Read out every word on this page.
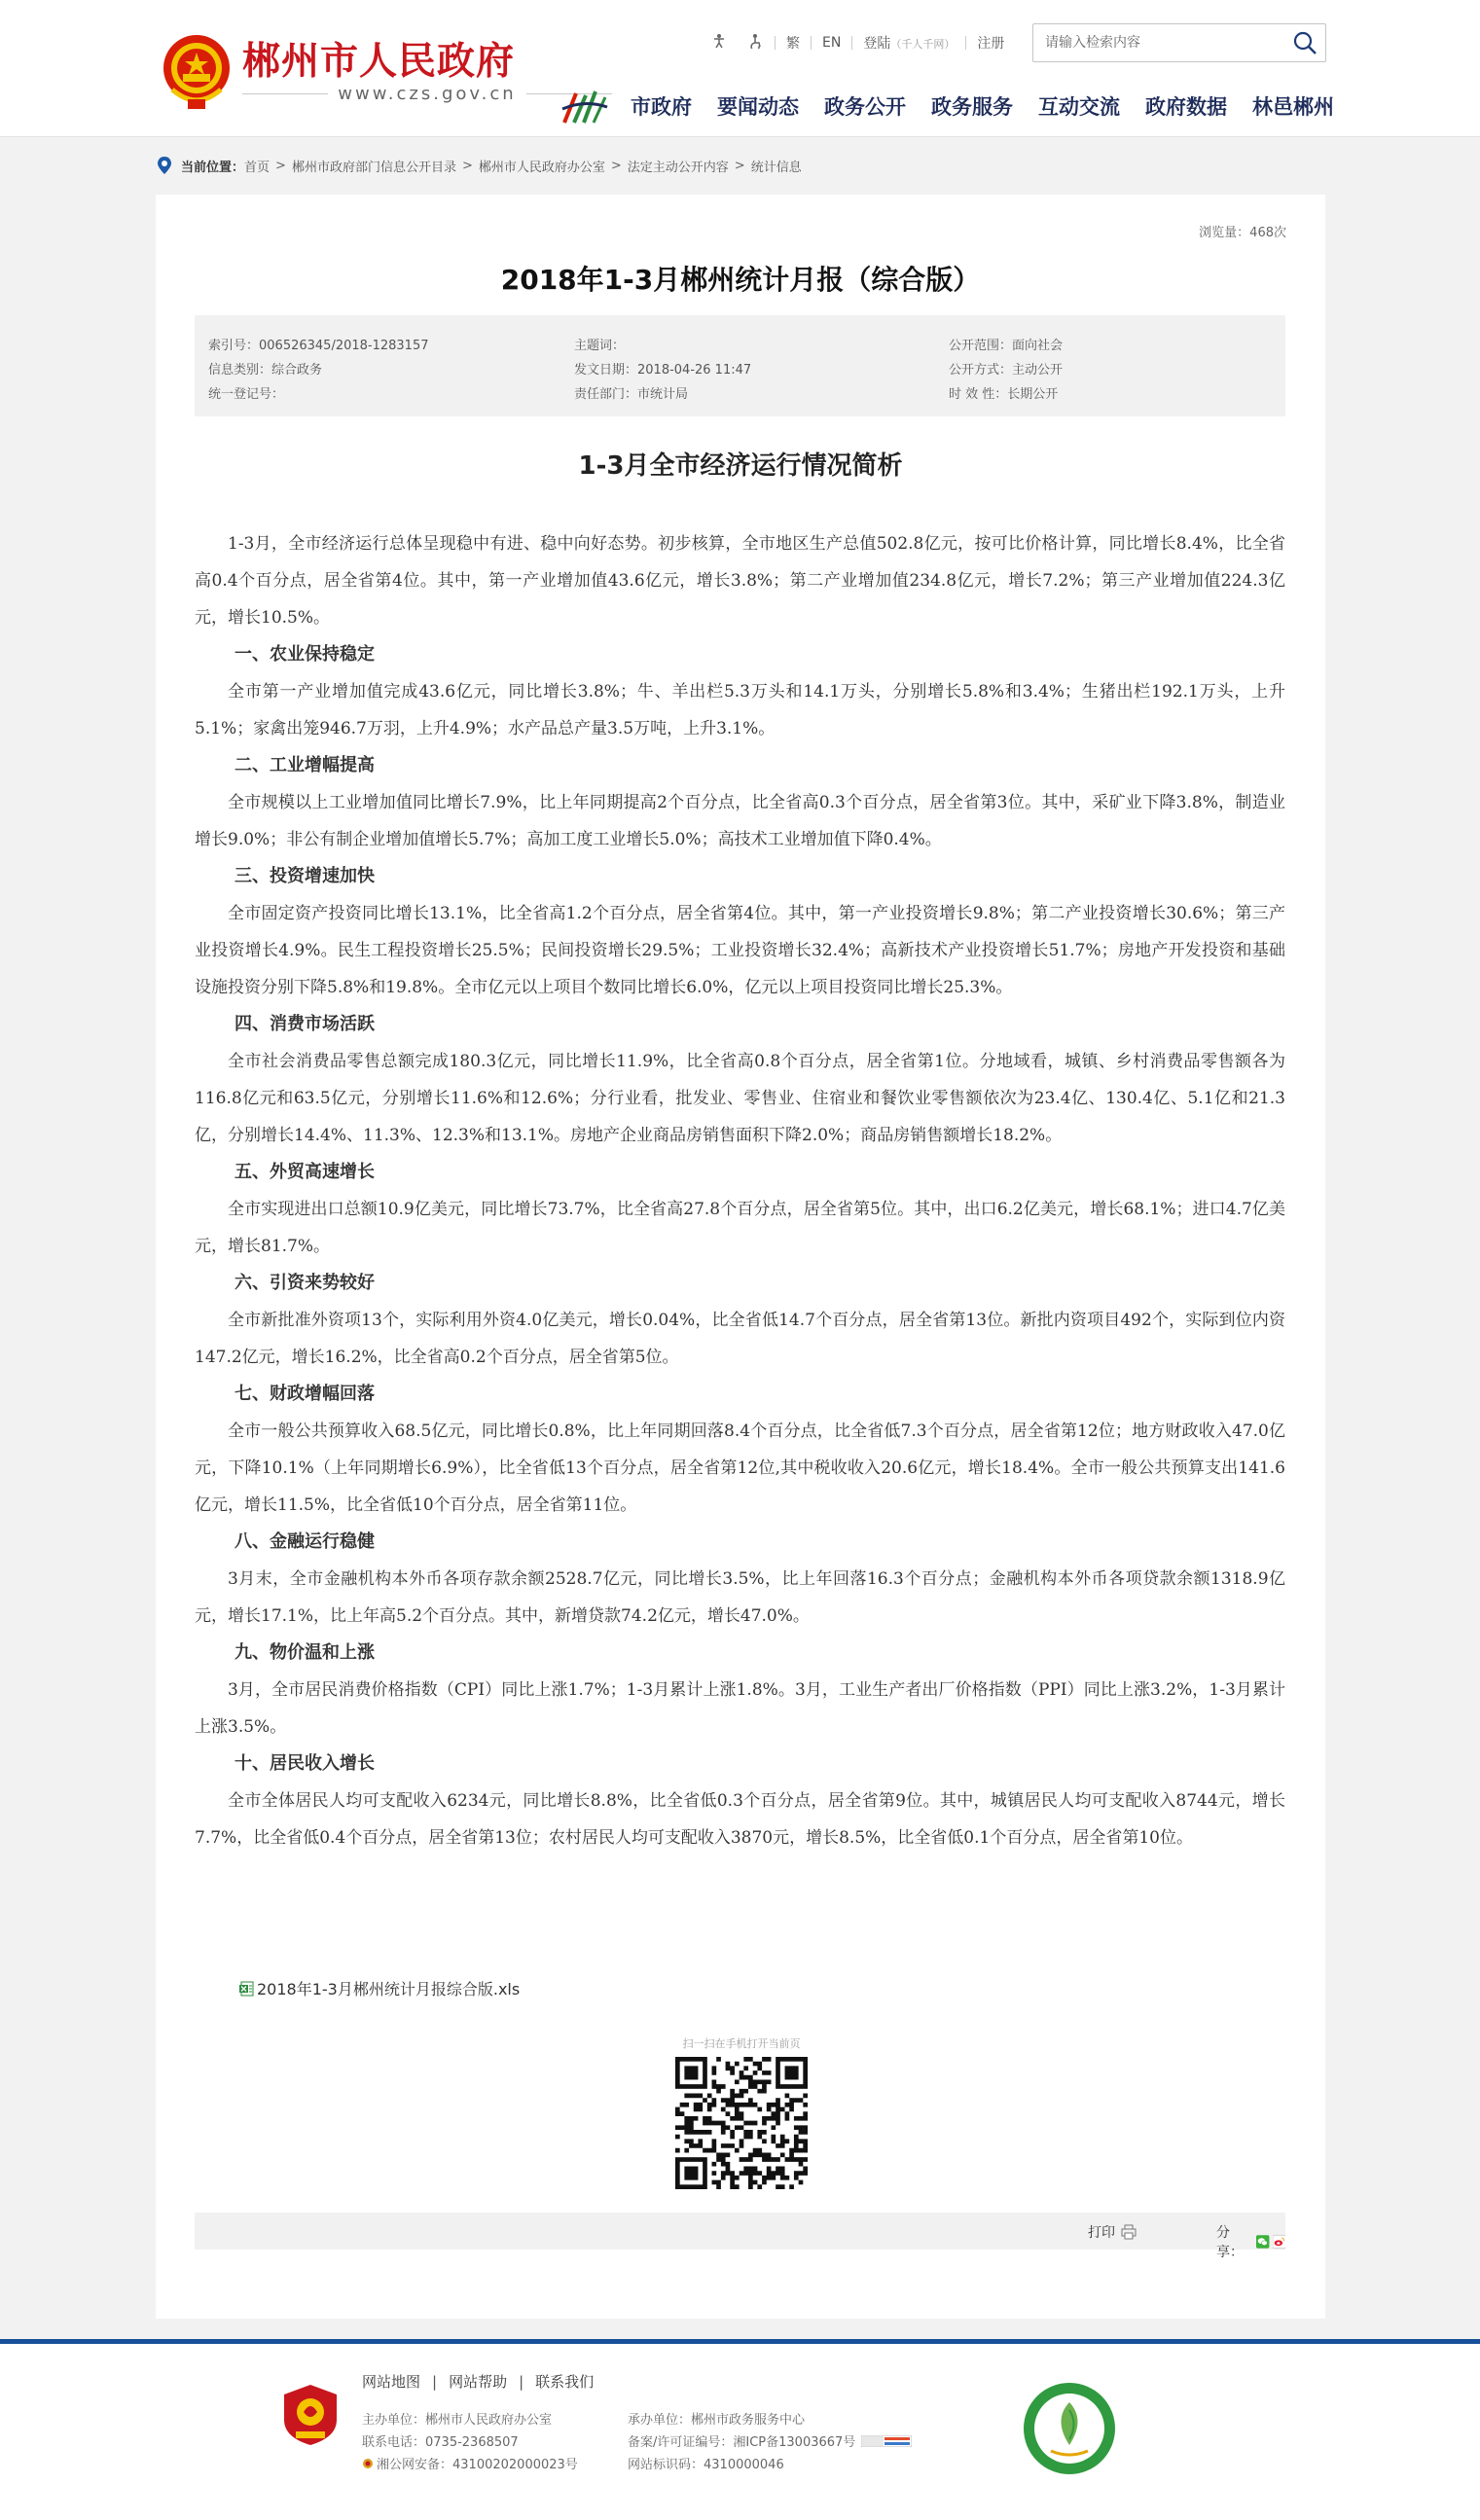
郴州市人民政府
www.czs.gov.cn
繁	EN	登陆（千人千网）	注册
请输入检索内容
市政府	要闻动态	政务公开	政务服务	互动交流	政府数据	林邑郴州
当前位置： 首页 > 郴州市政府部门信息公开目录 > 郴州市人民政府办公室 > 法定主动公开内容 > 统计信息
浏览量：468次
2018年1-3月郴州统计月报（综合版）
索引号：006526345/2018-1283157	主题词：	公开范围：面向社会
信息类别：综合政务	发文日期：2018-04-26 11:47	公开方式：主动公开
统一登记号：	责任部门：市统计局	时 效 性：长期公开
1-3月全市经济运行情况简析

1-3月，全市经济运行总体呈现稳中有进、稳中向好态势。初步核算，全市地区生产总值502.8亿元，按可比价格计算，同比增长8.4%，比全省高0.4个百分点，居全省第4位。其中，第一产业增加值43.6亿元，增长3.8%；第二产业增加值234.8亿元，增长7.2%；第三产业增加值224.3亿元，增长10.5%。

一、农业保持稳定

全市第一产业增加值完成43.6亿元，同比增长3.8%；牛、羊出栏5.3万头和14.1万头，分别增长5.8%和3.4%；生猪出栏192.1万头，上升5.1%；家禽出笼946.7万羽，上升4.9%；水产品总产量3.5万吨，上升3.1%。

二、工业增幅提高

全市规模以上工业增加值同比增长7.9%，比上年同期提高2个百分点，比全省高0.3个百分点，居全省第3位。其中，采矿业下降3.8%，制造业增长9.0%；非公有制企业增加值增长5.7%；高加工度工业增长5.0%；高技术工业增加值下降0.4%。

三、投资增速加快

全市固定资产投资同比增长13.1%，比全省高1.2个百分点，居全省第4位。其中，第一产业投资增长9.8%；第二产业投资增长30.6%；第三产业投资增长4.9%。民生工程投资增长25.5%；民间投资增长29.5%；工业投资增长32.4%；高新技术产业投资增长51.7%；房地产开发投资和基础设施投资分别下降5.8%和19.8%。全市亿元以上项目个数同比增长6.0%，亿元以上项目投资同比增长25.3%。

四、消费市场活跃

全市社会消费品零售总额完成180.3亿元，同比增长11.9%，比全省高0.8个百分点，居全省第1位。分地域看，城镇、乡村消费品零售额各为116.8亿元和63.5亿元，分别增长11.6%和12.6%；分行业看，批发业、零售业、住宿业和餐饮业零售额依次为23.4亿、130.4亿、5.1亿和21.3亿，分别增长14.4%、11.3%、12.3%和13.1%。房地产企业商品房销售面积下降2.0%；商品房销售额增长18.2%。

五、外贸高速增长

全市实现进出口总额10.9亿美元，同比增长73.7%，比全省高27.8个百分点，居全省第5位。其中，出口6.2亿美元，增长68.1%；进口4.7亿美元，增长81.7%。

六、引资来势较好

全市新批准外资项13个，实际利用外资4.0亿美元，增长0.04%，比全省低14.7个百分点，居全省第13位。新批内资项目492个，实际到位内资147.2亿元，增长16.2%，比全省高0.2个百分点，居全省第5位。

七、财政增幅回落

全市一般公共预算收入68.5亿元，同比增长0.8%，比上年同期回落8.4个百分点，比全省低7.3个百分点，居全省第12位；地方财政收入47.0亿元，下降10.1%（上年同期增长6.9%），比全省低13个百分点，居全省第12位,其中税收收入20.6亿元，增长18.4%。全市一般公共预算支出141.6亿元，增长11.5%，比全省低10个百分点，居全省第11位。

八、金融运行稳健

3月末，全市金融机构本外币各项存款余额2528.7亿元，同比增长3.5%，比上年回落16.3个百分点；金融机构本外币各项贷款余额1318.9亿元，增长17.1%，比上年高5.2个百分点。其中，新增贷款74.2亿元，增长47.0%。

九、物价温和上涨

3月，全市居民消费价格指数（CPI）同比上涨1.7%；1-3月累计上涨1.8%。3月，工业生产者出厂价格指数（PPI）同比上涨3.2%，1-3月累计上涨3.5%。

十、居民收入增长

全市全体居民人均可支配收入6234元，同比增长8.8%，比全省低0.3个百分点，居全省第9位。其中，城镇居民人均可支配收入8744元，增长7.7%，比全省低0.4个百分点，居全省第13位；农村居民人均可支配收入3870元，增长8.5%，比全省低0.1个百分点，居全省第10位。

2018年1-3月郴州统计月报综合版.xls
扫一扫在手机打开当前页
打印	分享：
网站地图 | 网站帮助 | 联系我们
主办单位：郴州市人民政府办公室
联系电话：0735-2368507
湘公网安备：43100202000023号
承办单位：郴州市政务服务中心
备案/许可证编号：湘ICP备13003667号
网站标识码：4310000046
